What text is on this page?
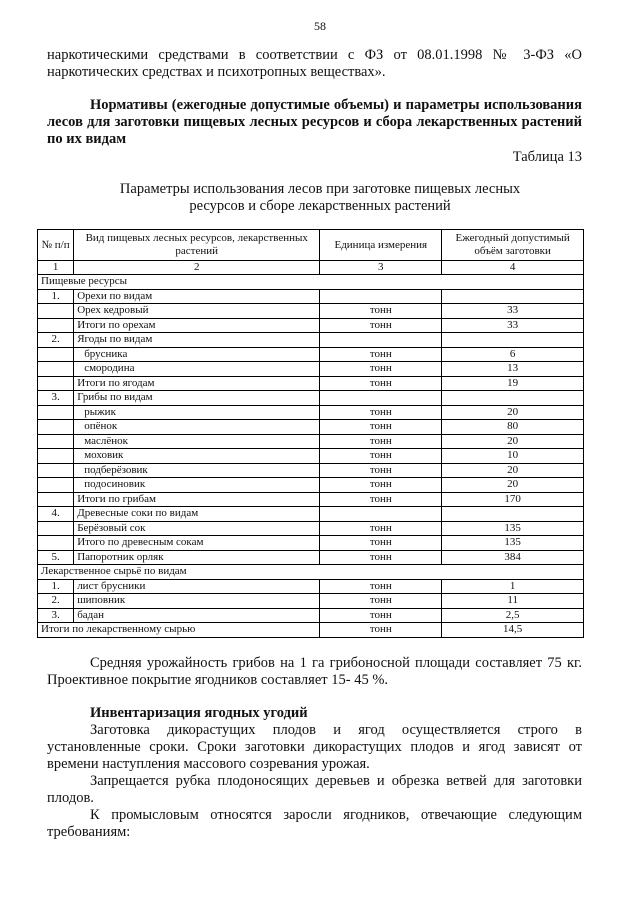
58
наркотическими средствами в соответствии с ФЗ от 08.01.1998 № 3-ФЗ «О наркотических средствах и психотропных веществах».
Нормативы (ежегодные допустимые объемы) и параметры использования лесов для заготовки пищевых лесных ресурсов и сбора лекарственных растений по их видам
Таблица 13
Параметры использования лесов при заготовке пищевых лесных ресурсов и сборе лекарственных растений
№ п/п	Вид пищевых лесных ресурсов, лекарственных растений	Единица измерения	Ежегодный допустимый объём заготовки
1	2	3	4
Пищевые ресурсы			
1.	Орехи по видам		
	Орех кедровый	тонн	33
	Итоги по орехам	тонн	33
2.	Ягоды по видам		
	брусника	тонн	6
	смородина	тонн	13
	Итоги по ягодам	тонн	19
3.	Грибы по видам		
	рыжик	тонн	20
	опёнок	тонн	80
	маслёнок	тонн	20
	моховик	тонн	10
	подберёзовик	тонн	20
	подосиновик	тонн	20
	Итоги по грибам	тонн	170
4.	Древесные соки по видам		
	Берёзовый сок	тонн	135
	Итого по древесным сокам	тонн	135
5.	Папоротник орляк	тонн	384
Лекарственное сырьё по видам			
1.	лист брусники	тонн	1
2.	шиповник	тонн	11
3.	бадан	тонн	2,5
Итоги по лекарственному сырью		тонн	14,5
Средняя урожайность грибов на 1 га грибоносной площади составляет 75 кг. Проективное покрытие ягодников составляет 15- 45 %.
Инвентаризация ягодных угодий
Заготовка дикорастущих плодов и ягод осуществляется строго в установленные сроки. Сроки заготовки дикорастущих плодов и ягод зависят от времени наступления массового созревания урожая.
Запрещается рубка плодоносящих деревьев и обрезка ветвей для заготовки плодов.
К промысловым относятся заросли ягодников, отвечающие следующим требованиям:
